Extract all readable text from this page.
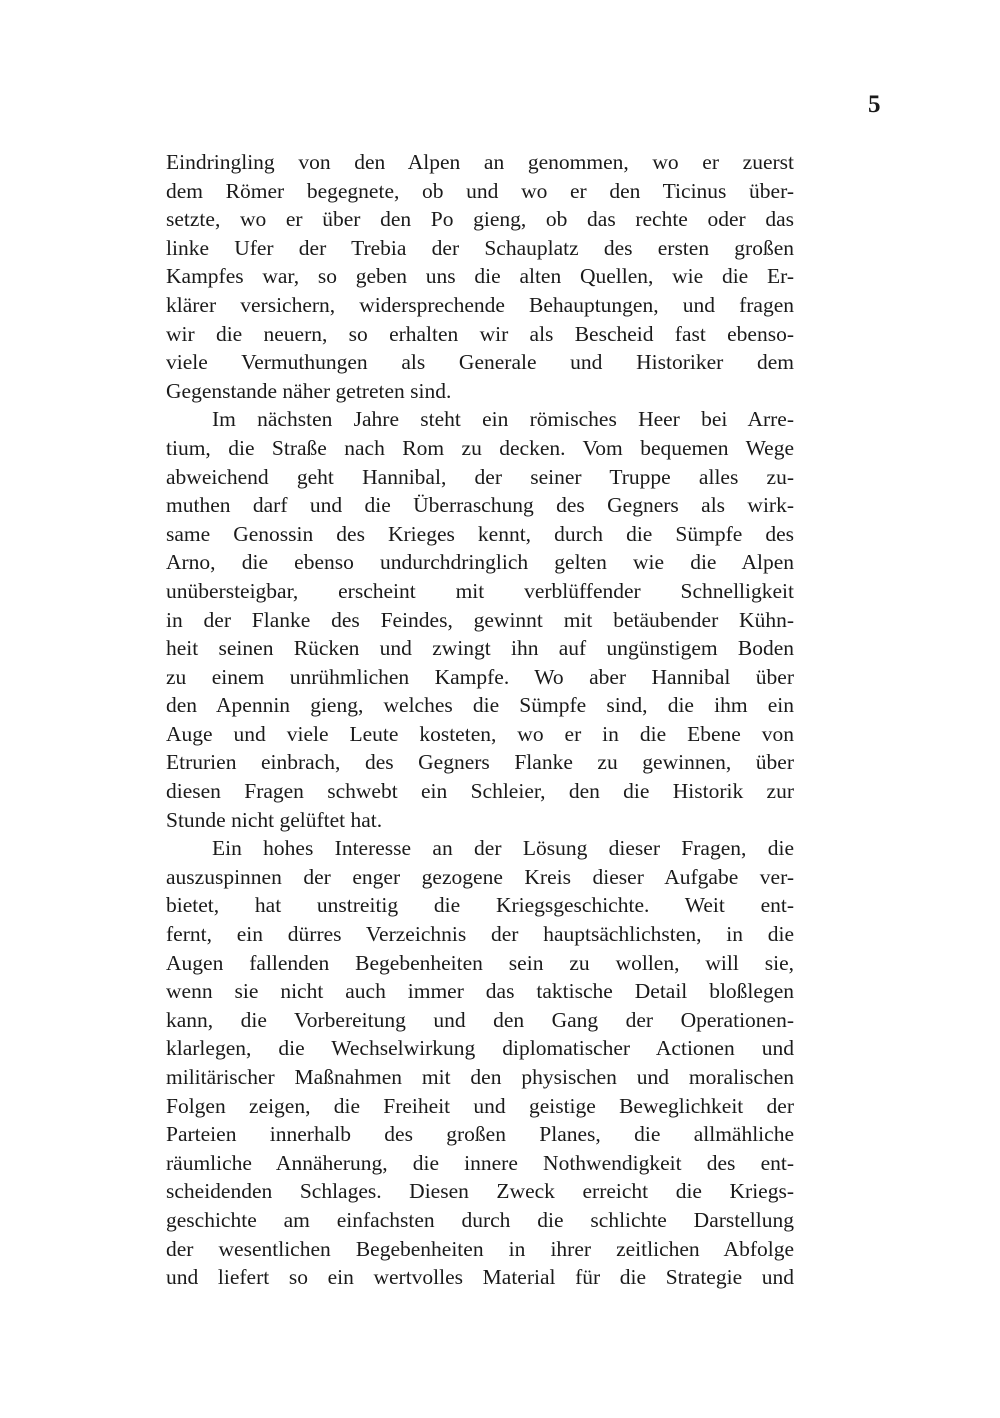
5
Eindringling von den Alpen an genommen, wo er zuerst
dem Römer begegnete, ob und wo er den Ticinus über-
setzte, wo er über den Po gieng, ob das rechte oder das
linke Ufer der Trebia der Schauplatz des ersten großen
Kampfes war, so geben uns die alten Quellen, wie die Er-
klärer versichern, widersprechende Behauptungen, und fragen
wir die neuern, so erhalten wir als Bescheid fast ebenso-
viele Vermuthungen als Generale und Historiker dem
Gegenstande näher getreten sind.
Im nächsten Jahre steht ein römisches Heer bei Arre-
tium, die Straße nach Rom zu decken. Vom bequemen Wege
abweichend geht Hannibal, der seiner Truppe alles zu-
muthen darf und die Überraschung des Gegners als wirk-
same Genossin des Krieges kennt, durch die Sümpfe des
Arno, die ebenso undurchdringlich gelten wie die Alpen
unübersteigbar, erscheint mit verblüffender Schnelligkeit
in der Flanke des Feindes, gewinnt mit betäubender Kühn-
heit seinen Rücken und zwingt ihn auf ungünstigem Boden
zu einem unrühmlichen Kampfe. Wo aber Hannibal über
den Apennin gieng, welches die Sümpfe sind, die ihm ein
Auge und viele Leute kosteten, wo er in die Ebene von
Etrurien einbrach, des Gegners Flanke zu gewinnen, über
diesen Fragen schwebt ein Schleier, den die Historik zur
Stunde nicht gelüftet hat.
Ein hohes Interesse an der Lösung dieser Fragen, die
auszuspinnen der enger gezogene Kreis dieser Aufgabe ver-
bietet, hat unstreitig die Kriegsgeschichte. Weit ent-
fernt, ein dürres Verzeichnis der hauptsächlichsten, in die
Augen fallenden Begebenheiten sein zu wollen, will sie,
wenn sie nicht auch immer das taktische Detail bloßlegen
kann, die Vorbereitung und den Gang der Operationen-
klarlegen, die Wechselwirkung diplomatischer Actionen und
militärischer Maßnahmen mit den physischen und moralischen
Folgen zeigen, die Freiheit und geistige Beweglichkeit der
Parteien innerhalb des großen Planes, die allmähliche
räumliche Annäherung, die innere Nothwendigkeit des ent-
scheidenden Schlages. Diesen Zweck erreicht die Kriegs-
geschichte am einfachsten durch die schlichte Darstellung
der wesentlichen Begebenheiten in ihrer zeitlichen Abfolge
und liefert so ein wertvolles Material für die Strategie und
